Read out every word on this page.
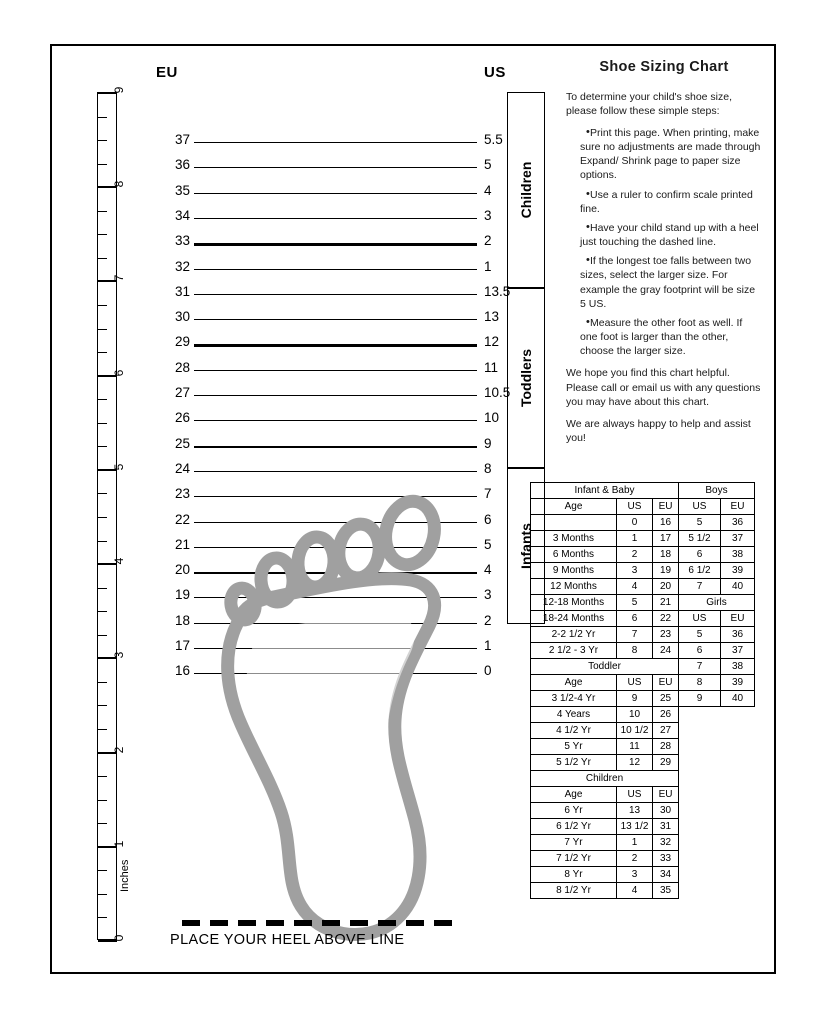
0
1
2
3
4
5
6
7
8
9
Inches
EU	US
37	5.5
36	5
35	4
34	3
33	2
32	1
31	13.5
30	13
29	12
28	11
27	10.5
26	10
25	9
24	8
23	7
22	6
21	5
20	4
19	3
18	2
17	1
16	0
Children
Toddlers
Infants
PLACE YOUR HEEL ABOVE LINE
Shoe Sizing Chart

To determine your child's shoe size, please follow these simple steps:

• Print this page. When printing, make sure no adjustments are made through Expand/ Shrink page to paper size options.
• Use a ruler to confirm scale printed fine.
• Have your child stand up with a heel just touching the dashed line.
• If the longest toe falls between two sizes, select the larger size. For example the gray footprint will be size 5 US.
• Measure the other foot as well. If one foot is larger than the other, choose the larger size.

We hope you find this chart helpful. Please call or email us with any questions you may have about this chart.

We are always happy to help and assist you!

Infant & Baby		
Age	US	EU
	0	16
3 Months	1	17
6 Months	2	18
9 Months	3	19
12 Months	4	20
12-18 Months	5	21
18-24 Months	6	22
2-2 1/2 Yr	7	23
2 1/2 - 3 Yr	8	24
Toddler		
Age	US	EU
3 1/2-4 Yr	9	25
4 Years	10	26
4 1/2 Yr	10 1/2	27
5 Yr	11	28
5 1/2 Yr	12	29
Children		
Age	US	EU
6 Yr	13	30
6 1/2 Yr	13 1/2	31
7 Yr	1	32
7 1/2 Yr	2	33
8 Yr	3	34
8 1/2 Yr	4	35
Boys	
US	EU
5	36
5 1/2	37
6	38
6 1/2	39
7	40
Girls	
US	EU
5	36
6	37
7	38
8	39
9	40
